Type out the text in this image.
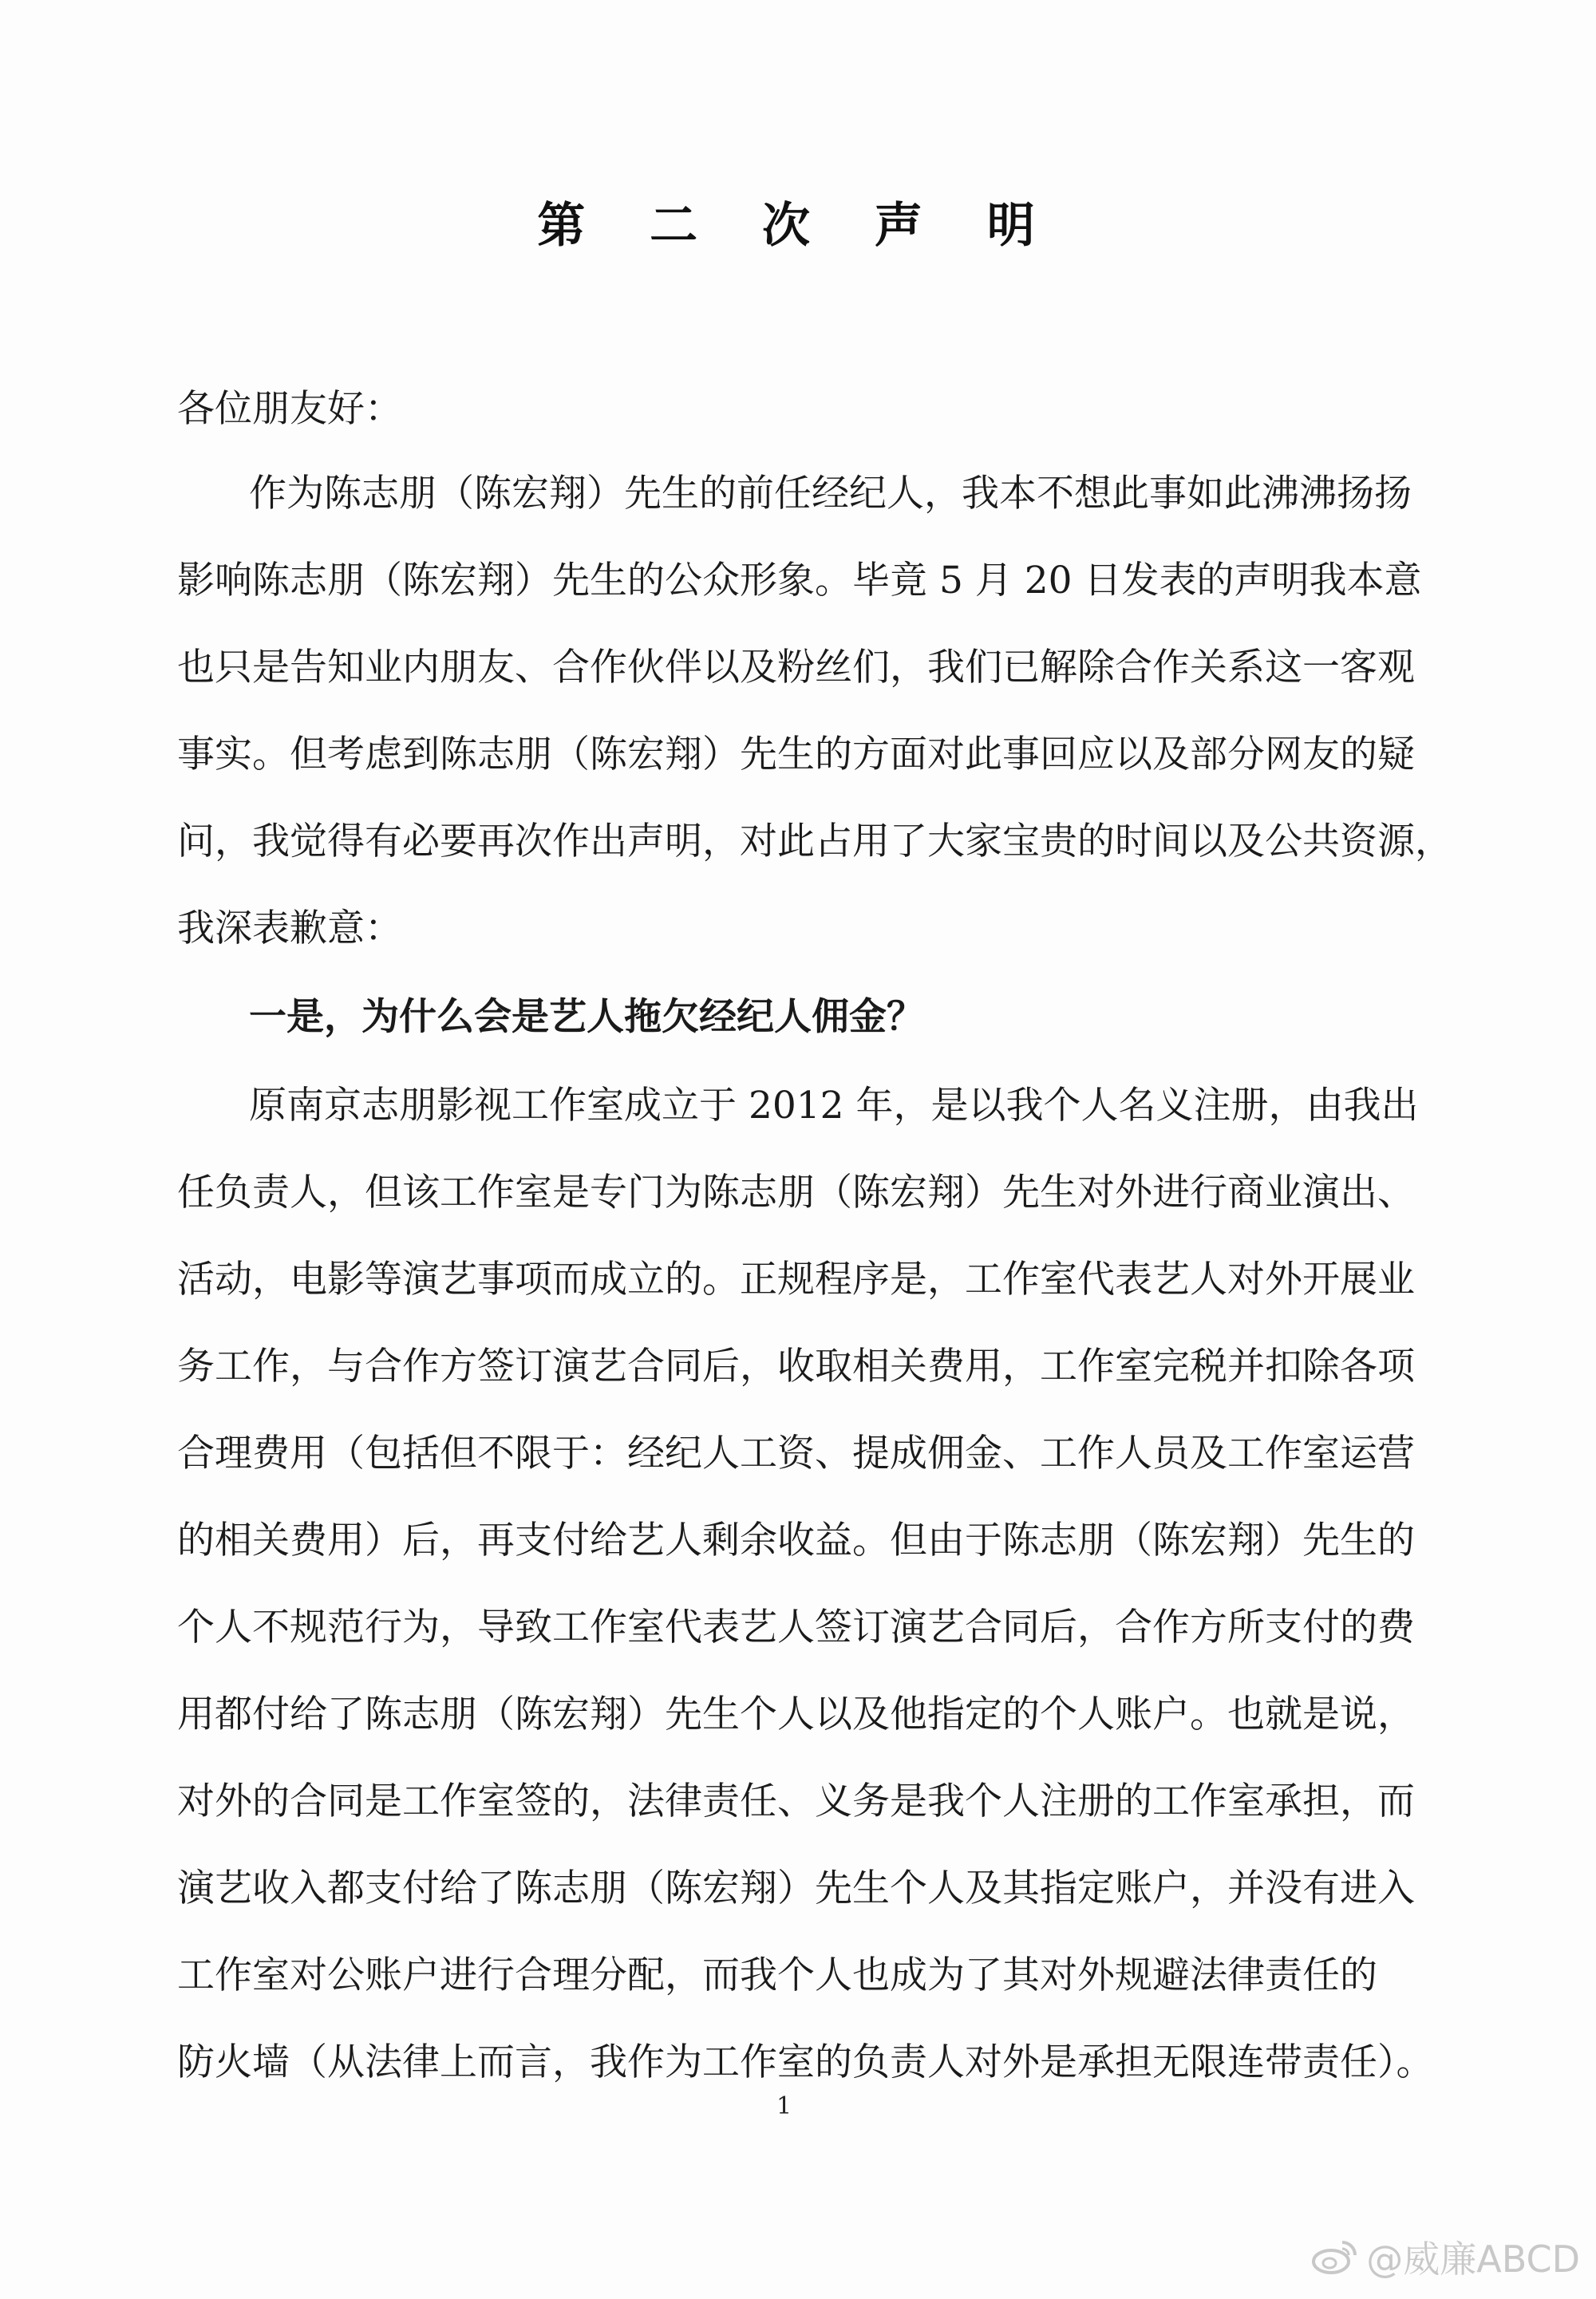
第 二 次 声 明
各位朋友好：
作为陈志朋（陈宏翔）先生的前任经纪人，我本不想此事如此沸沸扬扬
影响陈志朋（陈宏翔）先生的公众形象。毕竟 5 月 20 日发表的声明我本意
也只是告知业内朋友、合作伙伴以及粉丝们，我们已解除合作关系这一客观
事实。但考虑到陈志朋（陈宏翔）先生的方面对此事回应以及部分网友的疑
问，我觉得有必要再次作出声明，对此占用了大家宝贵的时间以及公共资源，
我深表歉意：
一是，为什么会是艺人拖欠经纪人佣金？
原南京志朋影视工作室成立于 2012 年，是以我个人名义注册，由我出
任负责人，但该工作室是专门为陈志朋（陈宏翔）先生对外进行商业演出、
活动，电影等演艺事项而成立的。正规程序是，工作室代表艺人对外开展业
务工作，与合作方签订演艺合同后，收取相关费用，工作室完税并扣除各项
合理费用（包括但不限于：经纪人工资、提成佣金、工作人员及工作室运营
的相关费用）后，再支付给艺人剩余收益。但由于陈志朋（陈宏翔）先生的
个人不规范行为，导致工作室代表艺人签订演艺合同后，合作方所支付的费
用都付给了陈志朋（陈宏翔）先生个人以及他指定的个人账户。也就是说，
对外的合同是工作室签的，法律责任、义务是我个人注册的工作室承担，而
演艺收入都支付给了陈志朋（陈宏翔）先生个人及其指定账户，并没有进入
工作室对公账户进行合理分配，而我个人也成为了其对外规避法律责任的
防火墙（从法律上而言，我作为工作室的负责人对外是承担无限连带责任）。
1
@威廉ABCD
